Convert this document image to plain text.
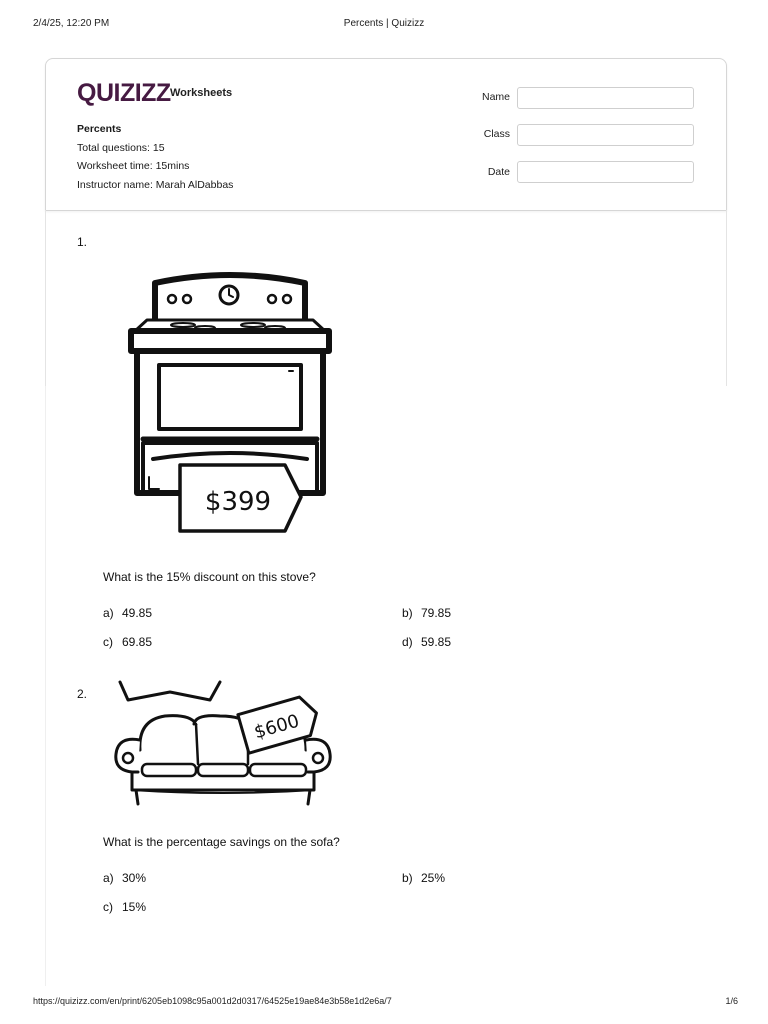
2/4/25, 12:20 PM	Percents | Quizizz
QUIZIZZ Worksheets
Percents
Total questions: 15
Worksheet time: 15mins
Instructor name: Marah AlDabbas
Name
Class
Date
1.
$399
What is the 15% discount on this stove?
a) 49.85	b) 79.85
c) 69.85	d) 59.85
2.
$600
What is the percentage savings on the sofa?
a) 30%	b) 25%
c) 15%
https://quizizz.com/en/print/6205eb1098c95a001d2d0317/64525e19ae84e3b58e1d2e6a/7	1/6
